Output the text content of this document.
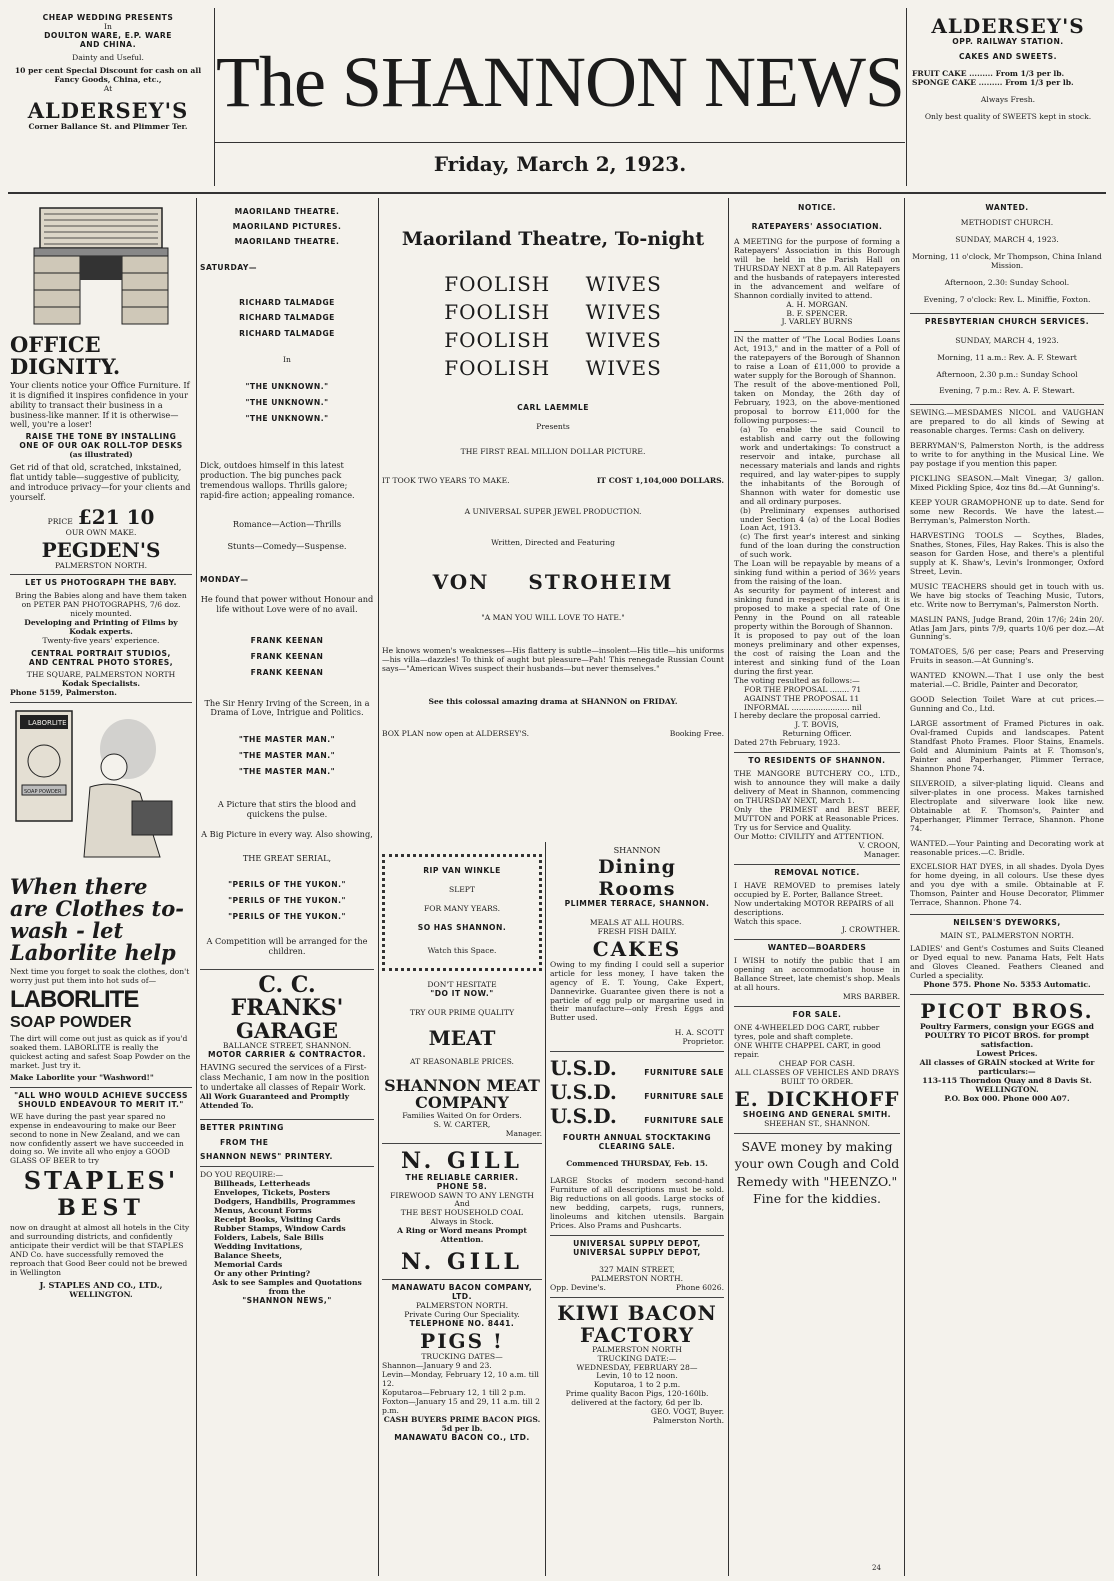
CHEAP WEDDING PRESENTS
In
DOULTON WARE, E.P. WARE
AND CHINA.
Dainty and Useful.
10 per cent Special Discount for cash on all Fancy Goods, China, etc.,
At
ALDERSEY'S
Corner Ballance St. and Plimmer Ter.
The SHANNON NEWS
Friday, March 2, 1923.
ALDERSEY'S
OPP. RAILWAY STATION.
CAKES AND SWEETS.
FRUIT CAKE ......... From 1/3 per lb.
SPONGE CAKE ......... From 1/3 per lb.
Always Fresh.
Only best quality of SWEETS kept in stock.
OFFICE DIGNITY.
Your clients notice your Office Furniture. If it is dignified it inspires confidence in your ability to transact their business in a business-like manner. If it is otherwise—well, you're a loser!
RAISE THE TONE BY INSTALLING
ONE OF OUR OAK ROLL-TOP DESKS
(as illustrated)
Get rid of that old, scratched, inkstained, flat untidy table—suggestive of publicity, and introduce privacy—for your clients and yourself.
PRICE £21 10
OUR OWN MAKE.
PEGDEN'S
PALMERSTON NORTH.
LET US PHOTOGRAPH THE BABY.
Bring the Babies along and have them taken on PETER PAN PHOTOGRAPHS, 7/6 doz. nicely mounted.
Developing and Printing of Films by Kodak experts.
Twenty-five years' experience.
CENTRAL PORTRAIT STUDIOS,
AND CENTRAL PHOTO STORES,
THE SQUARE, PALMERSTON NORTH
Kodak Specialists.
Phone 5159, Palmerston.
LABORLITE
SOAP POWDER
When there are Clothes to-wash - let Laborlite help
Next time you forget to soak the clothes, don't worry just put them into hot suds of—
LABORLITE
SOAP POWDER
The dirt will come out just as quick as if you'd soaked them. LABORLITE is really the quickest acting and safest Soap Powder on the market. Just try it.
Make Laborlite your "Washword!"
"ALL WHO WOULD ACHIEVE SUCCESS SHOULD ENDEAVOUR TO MERIT IT."
WE have during the past year spared no expense in endeavouring to make our Beer second to none in New Zealand, and we can now confidently assert we have succeeded in doing so. We invite all who enjoy a GOOD GLASS OF BEER to try
STAPLES'
BEST
now on draught at almost all hotels in the City and surrounding districts, and confidently anticipate their verdict will be that STAPLES AND Co. have successfully removed the reproach that Good Beer could not be brewed in Wellington
J. STAPLES AND CO., LTD.,
WELLINGTON.
MAORILAND THEATRE.
MAORILAND PICTURES.
MAORILAND THEATRE.
SATURDAY—
RICHARD TALMADGE
RICHARD TALMADGE
RICHARD TALMADGE
In
"THE UNKNOWN."
"THE UNKNOWN."
"THE UNKNOWN."
Dick, outdoes himself in this latest production. The big punches pack tremendous wallops. Thrills galore; rapid-fire action; appealing romance.
Romance—Action—Thrills
Stunts—Comedy—Suspense.
MONDAY—
He found that power without Honour and life without Love were of no avail.
FRANK KEENAN
FRANK KEENAN
FRANK KEENAN
The Sir Henry Irving of the Screen, in a Drama of Love, Intrigue and Politics.
"THE MASTER MAN."
"THE MASTER MAN."
"THE MASTER MAN."
A Picture that stirs the blood and quickens the pulse.
A Big Picture in every way. Also showing,
THE GREAT SERIAL,
"PERILS OF THE YUKON."
"PERILS OF THE YUKON."
"PERILS OF THE YUKON."
A Competition will be arranged for the children.
C. C. FRANKS'
GARAGE
BALLANCE STREET, SHANNON.
MOTOR CARRIER & CONTRACTOR.
HAVING secured the services of a First-class Mechanic, I am now in the position to undertake all classes of Repair Work.
All Work Guaranteed and Promptly Attended To.
BETTER PRINTING
FROM THE
SHANNON NEWS" PRINTERY.
DO YOU REQUIRE:—
Billheads, Letterheads
Envelopes, Tickets, Posters
Dodgers, Handbills, Programmes
Menus, Account Forms
Receipt Books, Visiting Cards
Rubber Stamps, Window Cards
Folders, Labels, Sale Bills
Wedding Invitations,
Balance Sheets,
Memorial Cards
Or any other Printing?
Ask to see Samples and Quotations
from the
"SHANNON NEWS,"
Maoriland Theatre, To-night
FOOLISH WIVES
FOOLISH WIVES
FOOLISH WIVES
FOOLISH WIVES
CARL LAEMMLE
Presents
THE FIRST REAL MILLION DOLLAR PICTURE.
IT TOOK TWO YEARS TO MAKE.	IT COST 1,104,000 DOLLARS.
A UNIVERSAL SUPER JEWEL PRODUCTION.
Written, Directed and Featuring
VON STROHEIM
"A MAN YOU WILL LOVE TO HATE."
He knows women's weaknesses—His flattery is subtle—insolent—His title—his uniforms—his villa—dazzles! To think of aught but pleasure—Pah! This renegade Russian Count says—"American Wives suspect their husbands—but never themselves."
See this colossal amazing drama at SHANNON on FRIDAY.
BOX PLAN now open at ALDERSEY'S.	Booking Free.
RIP VAN WINKLE
SLEPT
FOR MANY YEARS.
SO HAS SHANNON.
Watch this Space.
DON'T HESITATE
"DO IT NOW."
TRY OUR PRIME QUALITY
MEAT
AT REASONABLE PRICES.
SHANNON MEAT
COMPANY
Families Waited On for Orders.
S. W. CARTER,
Manager.
N. GILL
THE RELIABLE CARRIER.
PHONE 58.
FIREWOOD SAWN TO ANY LENGTH
And
THE BEST HOUSEHOLD COAL
Always in Stock.
A Ring or Word means Prompt Attention.
N. GILL
MANAWATU BACON COMPANY, LTD.
PALMERSTON NORTH.
Private Curing Our Speciality.
TELEPHONE NO. 8441.
PIGS !
TRUCKING DATES—
Shannon—January 9 and 23.
Levin—Monday, February 12, 10 a.m. till 12.
Koputaroa—February 12, 1 till 2 p.m.
Foxton—January 15 and 29, 11 a.m. till 2 p.m.
CASH BUYERS PRIME BACON PIGS.
5d per lb.
MANAWATU BACON CO., LTD.
SHANNON
Dining Rooms
PLIMMER TERRACE, SHANNON.
MEALS AT ALL HOURS.
FRESH FISH DAILY.
CAKES
Owing to my finding I could sell a superior article for less money, I have taken the agency of E. T. Young, Cake Expert, Dannevirke. Guarantee given there is not a particle of egg pulp or margarine used in their manufacture—only Fresh Eggs and Butter used.
H. A. SCOTT
Proprietor.
U.S.D.	FURNITURE SALE
U.S.D.	FURNITURE SALE
U.S.D.	FURNITURE SALE
FOURTH ANNUAL STOCKTAKING CLEARING SALE.
Commenced THURSDAY, Feb. 15.
LARGE Stocks of modern second-hand Furniture of all descriptions must be sold. Big reductions on all goods. Large stocks of new bedding, carpets, rugs, runners, linoleums and kitchen utensils. Bargain Prices. Also Prams and Pushcarts.
UNIVERSAL SUPPLY DEPOT,
UNIVERSAL SUPPLY DEPOT,
327 MAIN STREET,
PALMERSTON NORTH.
Opp. Devine's.	Phone 6026.
KIWI BACON
FACTORY
PALMERSTON NORTH
TRUCKING DATE:—
WEDNESDAY, FEBRUARY 28—
Levin, 10 to 12 noon.
Koputaroa, 1 to 2 p.m.
Prime quality Bacon Pigs, 120-160lb. delivered at the factory, 6d per lb.
GEO. VOGT, Buyer.
Palmerston North.
NOTICE.
RATEPAYERS' ASSOCIATION.
A MEETING for the purpose of forming a Ratepayers' Association in this Borough will be held in the Parish Hall on THURSDAY NEXT at 8 p.m. All Ratepayers and the husbands of ratepayers interested in the advancement and welfare of Shannon cordially invited to attend.
A. H. MORGAN.
B. F. SPENCER.
J. VARLEY BURNS
IN the matter of "The Local Bodies Loans Act, 1913," and in the matter of a Poll of the ratepayers of the Borough of Shannon to raise a Loan of £11,000 to provide a water supply for the Borough of Shannon.
The result of the above-mentioned Poll, taken on Monday, the 26th day of February, 1923, on the above-mentioned proposal to borrow £11,000 for the following purposes:—
(a) To enable the said Council to establish and carry out the following work and undertakings: To construct a reservoir and intake, purchase all necessary materials and lands and rights required, and lay water-pipes to supply the inhabitants of the Borough of Shannon with water for domestic use and all ordinary purposes.
(b) Preliminary expenses authorised under Section 4 (a) of the Local Bodies Loan Act, 1913.
(c) The first year's interest and sinking fund of the loan during the construction of such work.
The Loan will be repayable by means of a sinking fund within a period of 36½ years from the raising of the loan.
As security for payment of interest and sinking fund in respect of the Loan, it is proposed to make a special rate of One Penny in the Pound on all rateable property within the Borough of Shannon.
It is proposed to pay out of the loan moneys preliminary and other expenses, the cost of raising the Loan and the interest and sinking fund of the Loan during the first year.
The voting resulted as follows:—
FOR THE PROPOSAL ........ 71
AGAINST THE PROPOSAL 11
INFORMAL ........................ nil
I hereby declare the proposal carried.
J. T. BOVIS,
Returning Officer.
Dated 27th February, 1923.
TO RESIDENTS OF SHANNON.
THE MANGORE BUTCHERY CO., LTD., wish to announce they will make a daily delivery of Meat in Shannon, commencing on THURSDAY NEXT, March 1.
Only the PRIMEST and BEST BEEF, MUTTON and PORK at Reasonable Prices.
Try us for Service and Quality.
Our Motto: CIVILITY and ATTENTION.
V. CROON,
Manager.
REMOVAL NOTICE.
I HAVE REMOVED to premises lately occupied by E. Porter, Ballance Street.
Now undertaking MOTOR REPAIRS of all descriptions.
Watch this space.
J. CROWTHER.
WANTED—BOARDERS
I WISH to notify the public that I am opening an accommodation house in Ballance Street, late chemist's shop. Meals at all hours.
MRS BARBER.
FOR SALE.
ONE 4-WHEELED DOG CART, rubber tyres, pole and shaft complete.
ONE WHITE CHAPPEL CART, in good repair.
CHEAP FOR CASH.
ALL CLASSES OF VEHICLES AND DRAYS BUILT TO ORDER.
E. DICKHOFF
SHOEING AND GENERAL SMITH.
SHEEHAN ST., SHANNON.
SAVE money by making your own Cough and Cold Remedy with "HEENZO." Fine for the kiddies.
WANTED.
METHODIST CHURCH.
SUNDAY, MARCH 4, 1923.
Morning, 11 o'clock, Mr Thompson, China Inland Mission.
Afternoon, 2.30: Sunday School.
Evening, 7 o'clock: Rev. L. Miniffie, Foxton.
PRESBYTERIAN CHURCH SERVICES.
SUNDAY, MARCH 4, 1923.
Morning, 11 a.m.: Rev. A. F. Stewart
Afternoon, 2.30 p.m.: Sunday School
Evening, 7 p.m.: Rev. A. F. Stewart.
SEWING.—MESDAMES NICOL and VAUGHAN are prepared to do all kinds of Sewing at reasonable charges. Terms: Cash on delivery.
BERRYMAN'S, Palmerston North, is the address to write to for anything in the Musical Line. We pay postage if you mention this paper.
PICKLING SEASON.—Malt Vinegar, 3/ gallon. Mixed Pickling Spice, 4oz tins 8d.—At Gunning's.
KEEP YOUR GRAMOPHONE up to date. Send for some new Records. We have the latest.—Berryman's, Palmerston North.
HARVESTING TOOLS — Scythes, Blades, Snathes, Stones, Files, Hay Rakes. This is also the season for Garden Hose, and there's a plentiful supply at K. Shaw's, Levin's Ironmonger, Oxford Street, Levin.
MUSIC TEACHERS should get in touch with us. We have big stocks of Teaching Music, Tutors, etc. Write now to Berryman's, Palmerston North.
MASLIN PANS, Judge Brand, 20in 17/6; 24in 20/. Atlas Jam Jars, pints 7/9, quarts 10/6 per doz.—At Gunning's.
TOMATOES, 5/6 per case; Pears and Preserving Fruits in season.—At Gunning's.
WANTED KNOWN.—That I use only the best material.—C. Bridle, Painter and Decorator,
GOOD Selection Toilet Ware at cut prices.—Gunning and Co., Ltd.
LARGE assortment of Framed Pictures in oak. Oval-framed Cupids and landscapes. Patent Standfast Photo Frames. Floor Stains, Enamels. Gold and Aluminium Paints at F. Thomson's, Painter and Paperhanger, Plimmer Terrace, Shannon Phone 74.
SILVEROID, a silver-plating liquid. Cleans and silver-plates in one process. Makes tarnished Electroplate and silverware look like new. Obtainable at F. Thomson's, Painter and Paperhanger, Plimmer Terrace, Shannon. Phone 74.
WANTED.—Your Painting and Decorating work at reasonable prices.—C. Bridle.
EXCELSIOR HAT DYES, in all shades. Dyola Dyes for home dyeing, in all colours. Use these dyes and you dye with a smile. Obtainable at F. Thomson, Painter and House Decorator, Plimmer Terrace, Shannon. Phone 74.
NEILSEN'S DYEWORKS,
MAIN ST., PALMERSTON NORTH.
LADIES' and Gent's Costumes and Suits Cleaned or Dyed equal to new. Panama Hats, Felt Hats and Gloves Cleaned. Feathers Cleaned and Curled a speciality.
Phone 575. Phone No. 5353 Automatic.
PICOT BROS.
Poultry Farmers, consign your EGGS and POULTRY TO PICOT BROS. for prompt satisfaction.
Lowest Prices.
All classes of GRAIN stocked at Write for particulars:—
113-115 Thorndon Quay and 8 Davis St. WELLINGTON.
P.O. Box 000. Phone 000 A07.
24
